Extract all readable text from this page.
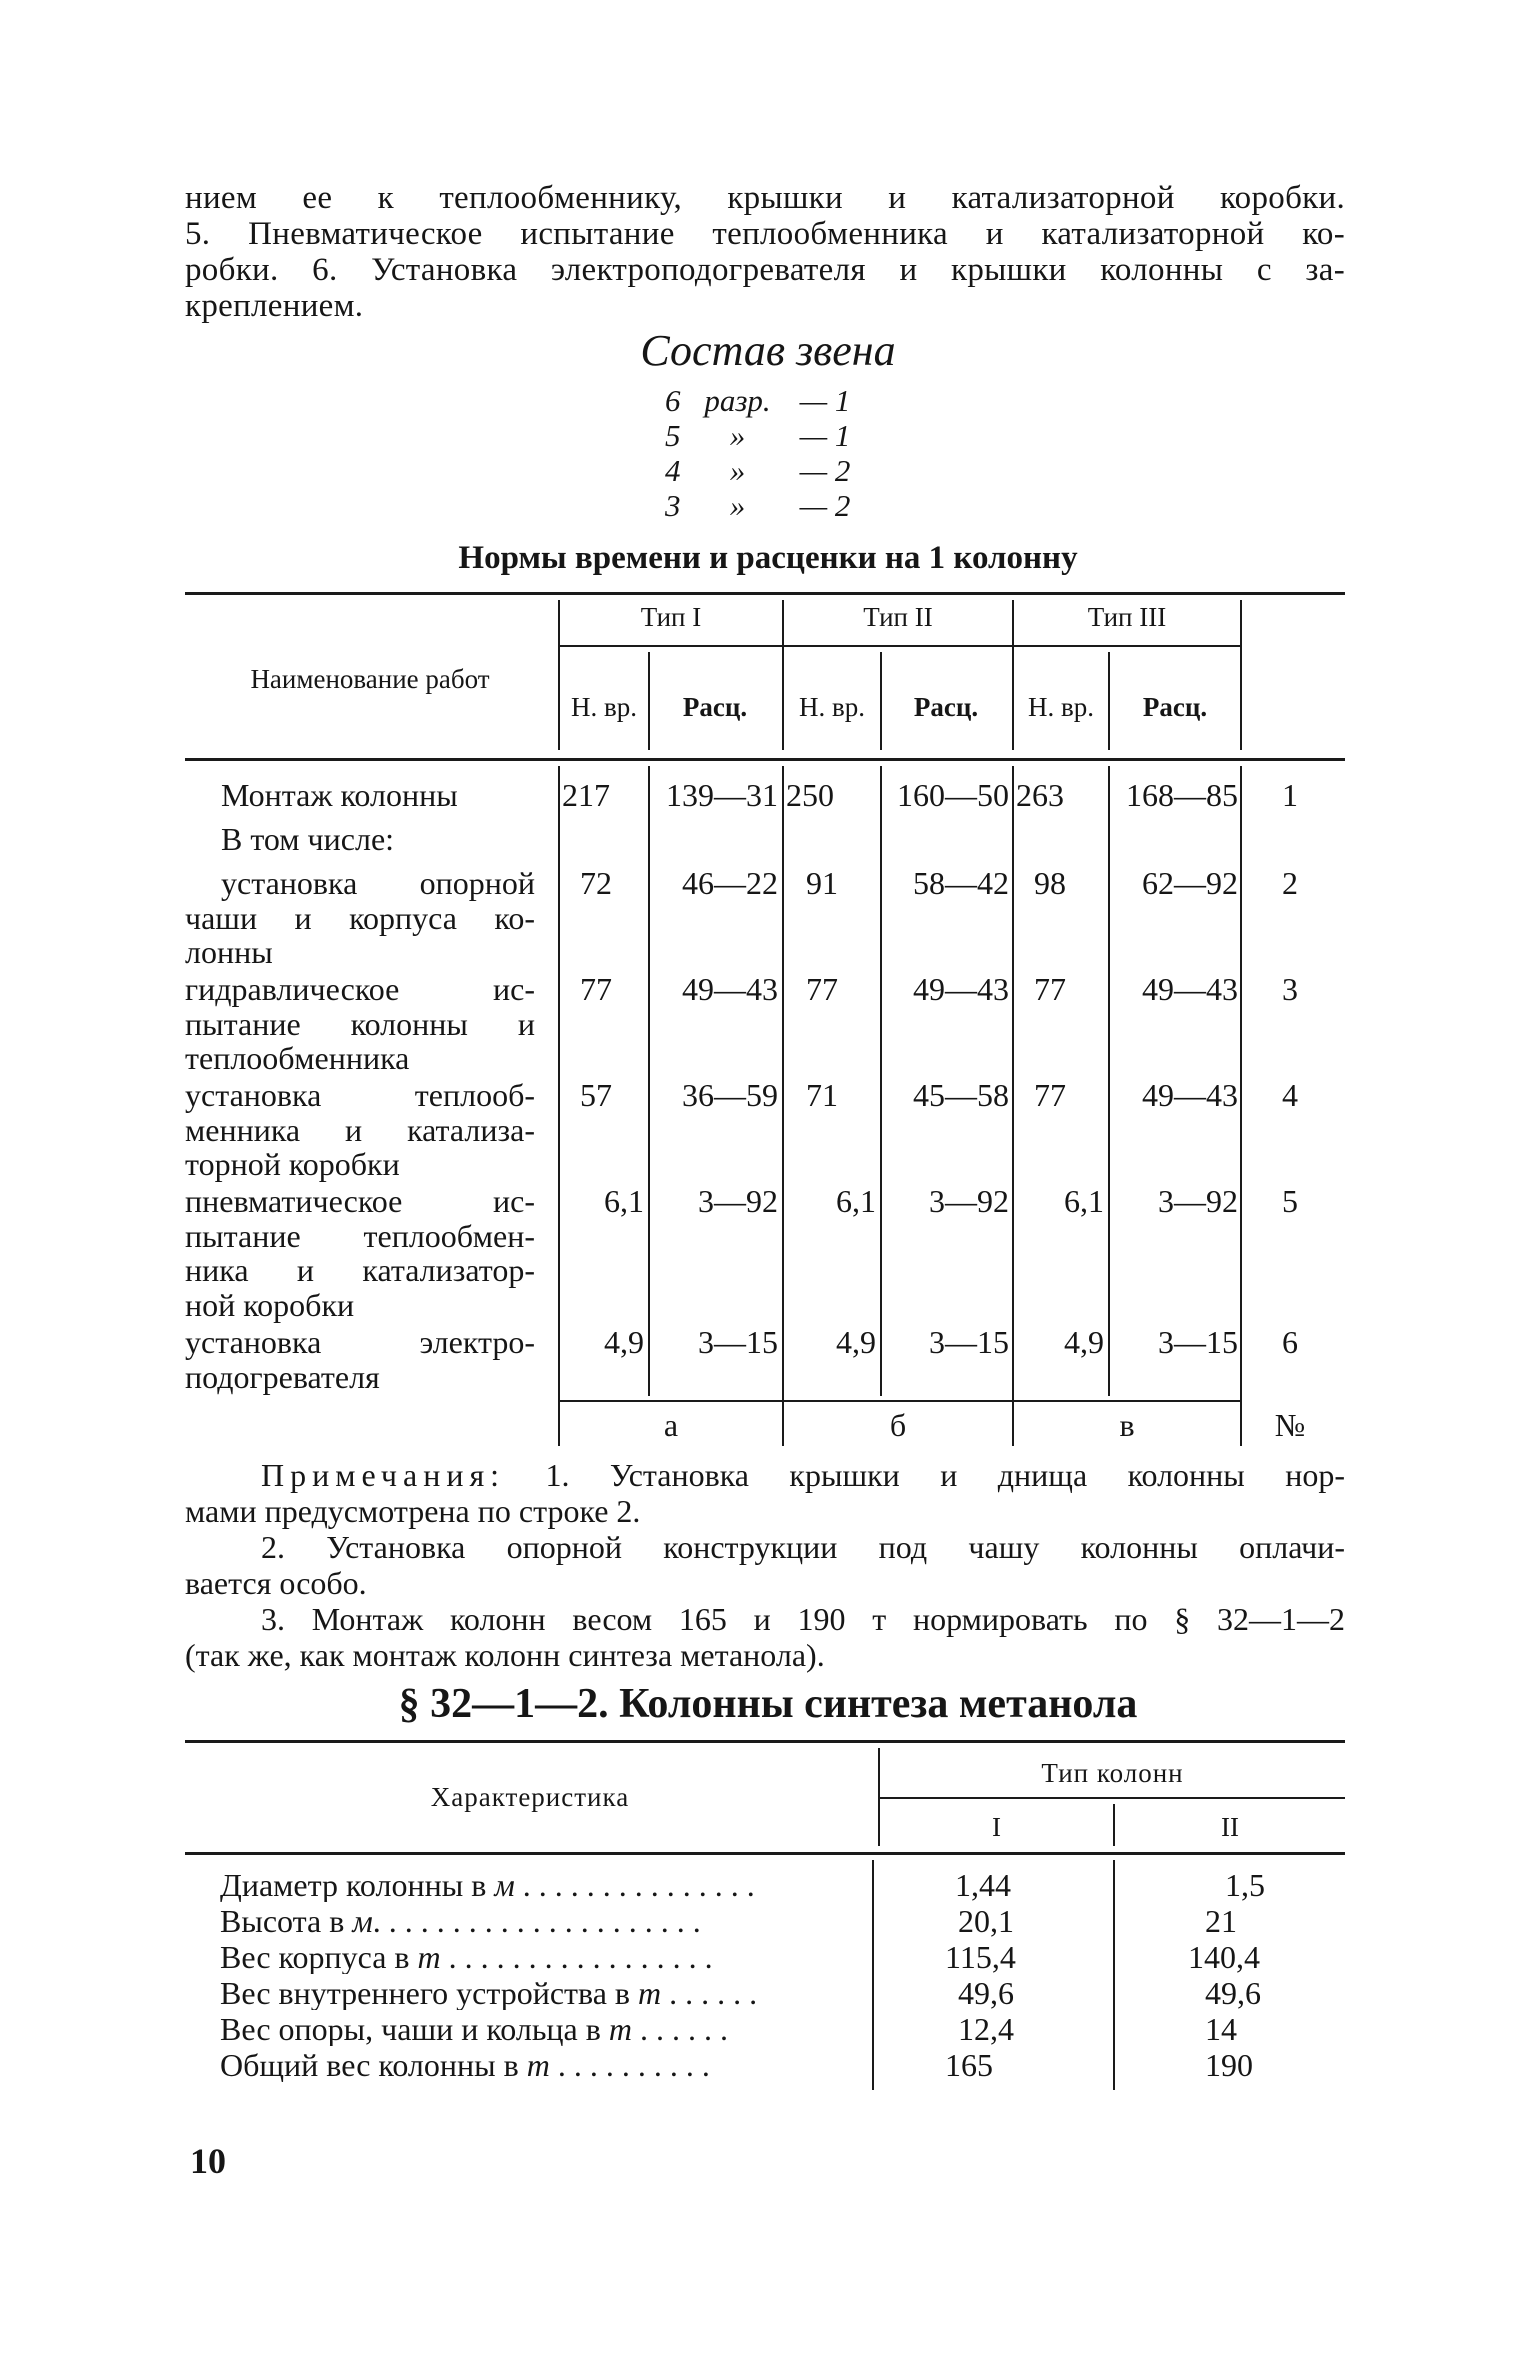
нием ее к теплообменнику, крышки и катализаторной коробки.
5. Пневматическое испытание теплообменника и катализаторной ко-
робки. 6. Установка электроподогревателя и крышки колонны с за-
креплением.
Состав звена
6 разр. — 1
5	»	— 1
4	»	— 2
3	»	— 2
Нормы времени и расценки на 1 колонну
Наименование работ
Тип I	Тип II	Тип III
Н. вр.	Расц.	Н. вр.	Расц.	Н. вр.	Расц.
Монтаж колонны	217	139—31 250	160—50 263	168—85	1
В том числе:
установка опорной
чаши и корпуса ко-
лонны
72	46—22 91	58—42 98	62—92	2
гидравлическое ис-
пытание колонны и
теплообменника
77	49—43 77	49—43 77	49—43	3
установка теплооб-
менника и катализа-
торной коробки
57	36—59 71	45—58 77	49—43	4
пневматическое ис-
пытание теплообмен-
ника и катализатор-
ной коробки
6,1	3—92	6,1	3—92	6,1	3—92	5
установка электро-
подогревателя
4,9	3—15	4,9	3—15	4,9	3—15	6
а	б	в	№

Примечания: 1. Установка крышки и днища колонны нор-
мами предусмотрена по строке 2.

2. Установка опорной конструкции под чашу колонны оплачи-
вается особо.

3. Монтаж колонн весом 165 и 190 т нормировать по § 32—1—2
(так же, как монтаж колонн синтеза метанола).

§ 32—1—2. Колонны синтеза метанола
Характеристика
Тип колонн
I	II
Диаметр колонны в м . . . . . . . . . . . . . . .	1,44	1,5
Высота в м. . . . . . . . . . . . . . . . . . . . .	20,1	21
Вес корпуса в т . . . . . . . . . . . . . . . . .	115,4	140,4
Вес внутреннего устройства в т . . . . . .	49,6	49,6
Вес опоры, чаши и кольца в т . . . . . .	12,4	14
Общий вес колонны в т . . . . . . . . . .	165	190
10
